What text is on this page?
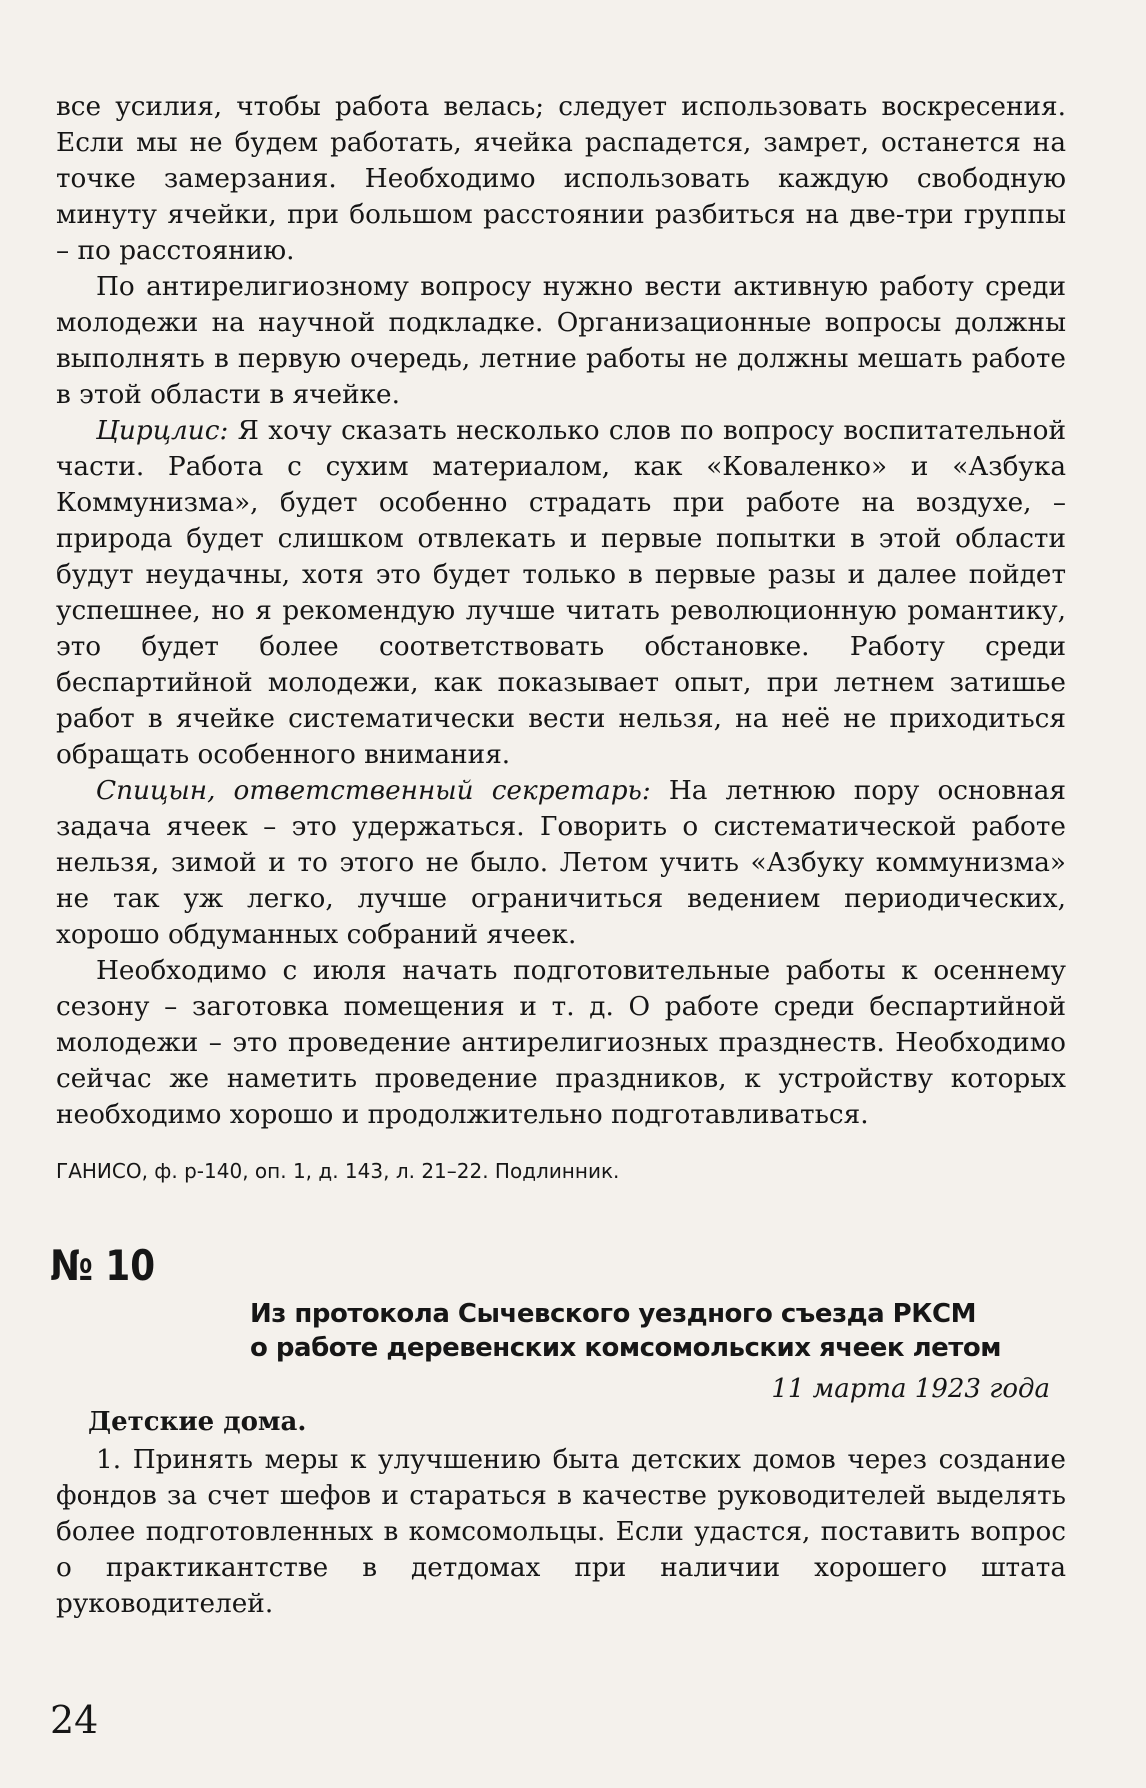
все усилия, чтобы работа велась; следует использовать воскресения. Если мы не будем работать, ячейка распадется, замрет, останется на точке замерзания. Необходимо использовать каждую свободную минуту ячейки, при большом расстоянии разбиться на две-три группы – по расстоянию.

По антирелигиозному вопросу нужно вести активную работу среди молодежи на научной подкладке. Организационные вопросы должны выполнять в первую очередь, летние работы не должны мешать работе в этой области в ячейке.

Цирцлис: Я хочу сказать несколько слов по вопросу воспитательной части. Работа с сухим материалом, как «Коваленко» и «Азбука Коммунизма», будет особенно страдать при работе на воздухе, – природа будет слишком отвлекать и первые попытки в этой области будут неудачны, хотя это будет только в первые разы и далее пойдет успешнее, но я рекомендую лучше читать революционную романтику, это будет более соответствовать обстановке. Работу среди беспартийной молодежи, как показывает опыт, при летнем затишье работ в ячейке систематически вести нельзя, на неё не приходиться обращать особенного внимания.

Спицын, ответственный секретарь: На летнюю пору основная задача ячеек – это удержаться. Говорить о систематической работе нельзя, зимой и то этого не было. Летом учить «Азбуку коммунизма» не так уж легко, лучше ограничиться ведением периодических, хорошо обдуманных собраний ячеек.

Необходимо с июля начать подготовительные работы к осеннему сезону – заготовка помещения и т. д. О работе среди беспартийной молодежи – это проведение антирелигиозных празднеств. Необходимо сейчас же наметить проведение праздников, к устройству которых необходимо хорошо и продолжительно подготавливаться.

ГАНИСО, ф. р-140, оп. 1, д. 143, л. 21–22. Подлинник.
№ 10
Из протокола Сычевского уездного съезда РКСМ
о работе деревенских комсомольских ячеек летом
11 марта 1923 года
Детские дома.

1. Принять меры к улучшению быта детских домов через создание фондов за счет шефов и стараться в качестве руководителей выделять более подготовленных в комсомольцы. Если удастся, поставить вопрос о практикантстве в детдомах при наличии хорошего штата руководителей.

24
